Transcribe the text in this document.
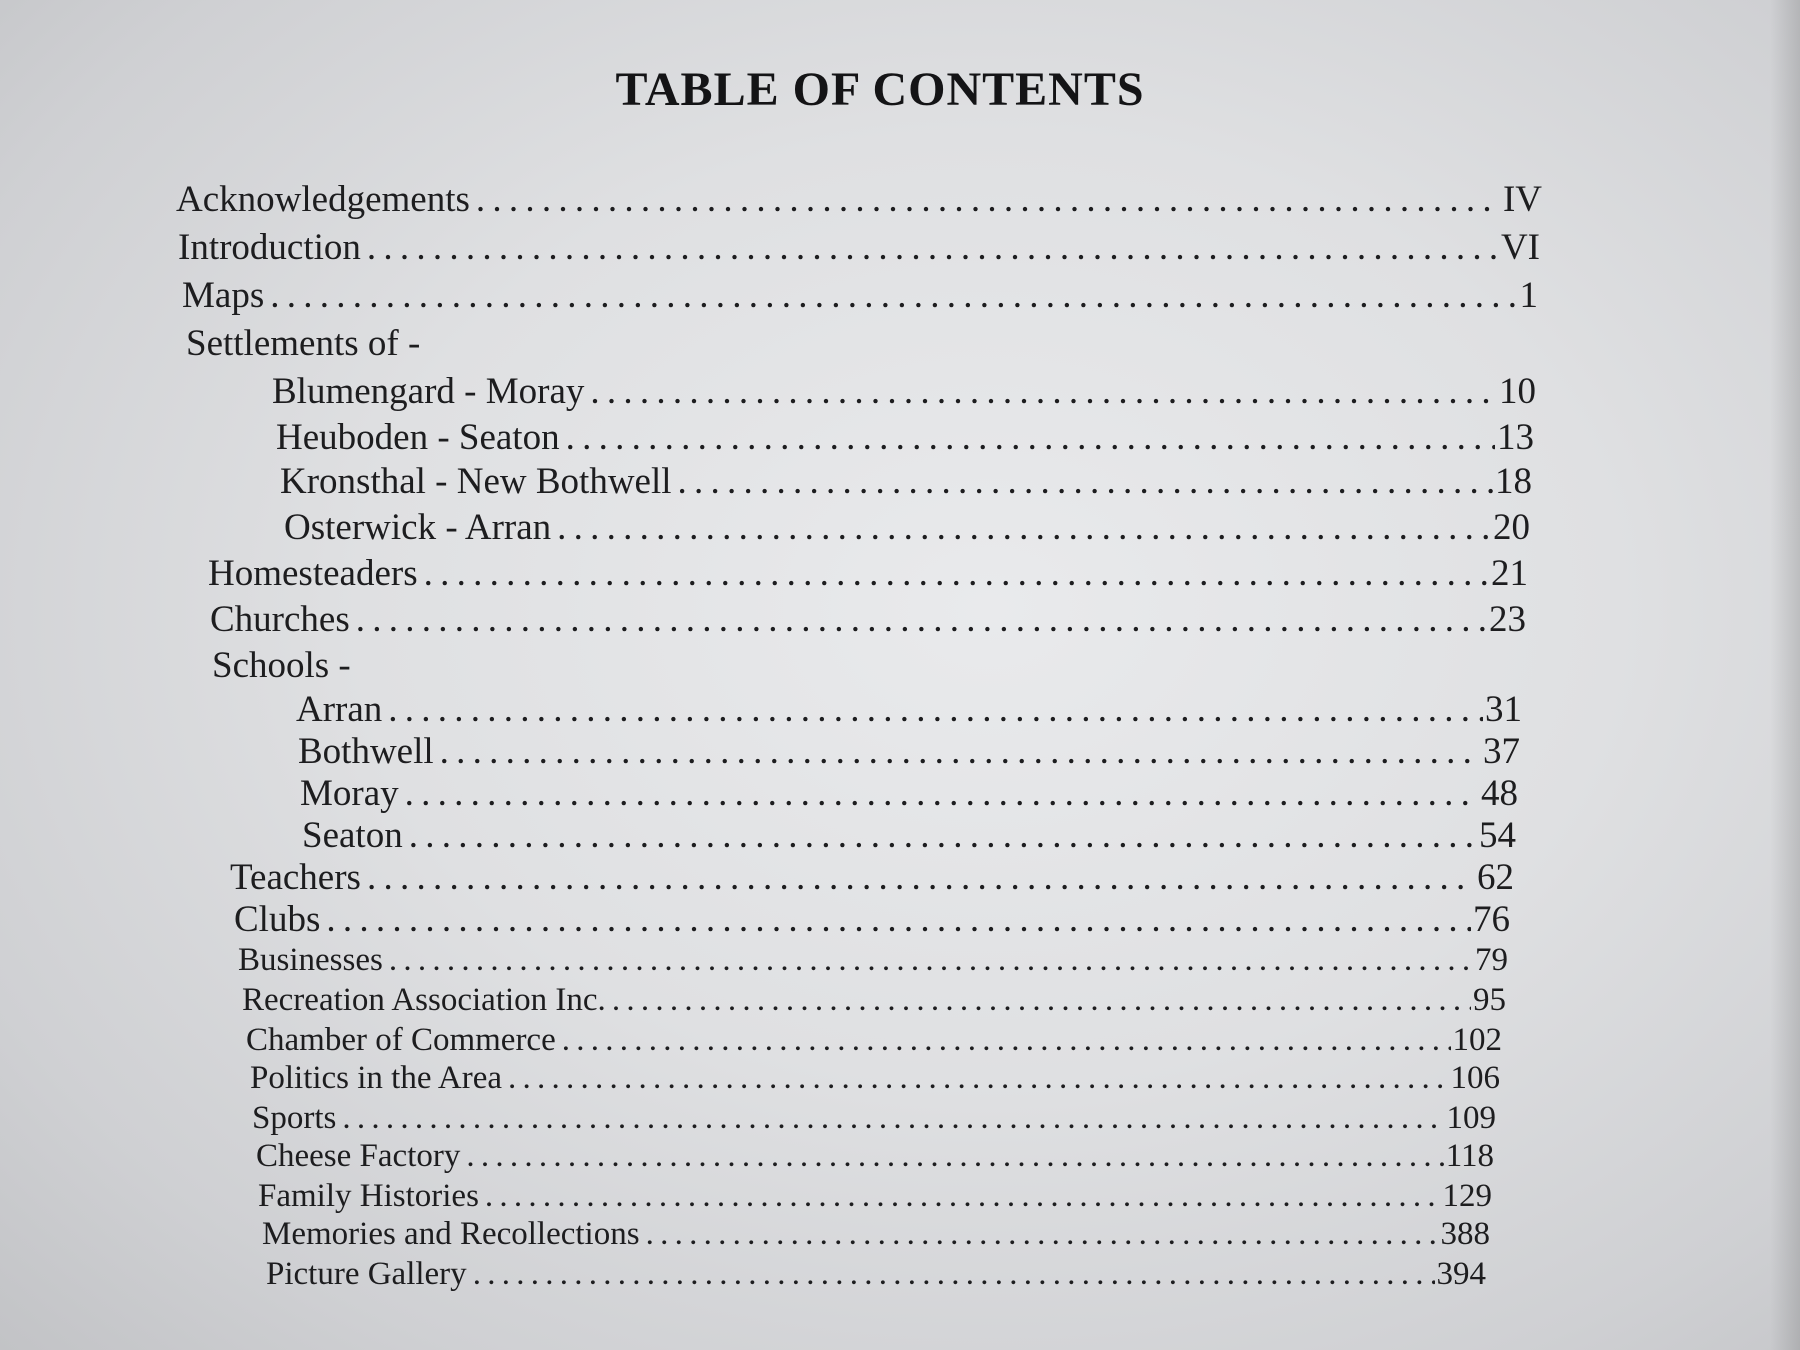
TABLE OF CONTENTS
Acknowledgements . . .	IV
Introduction . . .	VI
Maps . . .	1
Settlements of -
Blumengard - Moray . . .	10
Heuboden - Seaton . . .	13
Kronsthal - New Bothwell . . .	18
Osterwick - Arran . . .	20
Homesteaders . . .	21
Churches . . .	23
Schools -
Arran . . .	31
Bothwell . . .	37
Moray . . .	48
Seaton . . .	54
Teachers . . .	62
Clubs . . .	76
Businesses . . .	79
Recreation Association Inc. . . .	95
Chamber of Commerce . . .	102
Politics in the Area . . .	106
Sports . . .	109
Cheese Factory . . .	118
Family Histories . . .	129
Memories and Recollections . . .	388
Picture Gallery . . .	394
